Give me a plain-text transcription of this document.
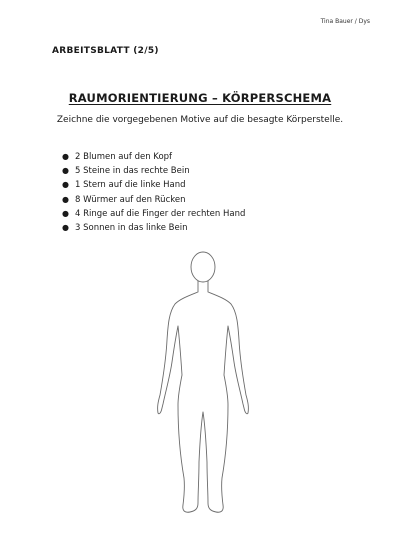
Tina Bauer / Dys
ARBEITSBLATT (2/5)
RAUMORIENTIERUNG – KÖRPERSCHEMA
Zeichne die vorgegebenen Motive auf die besagte Körperstelle.
● 2 Blumen auf den Kopf
● 5 Steine in das rechte Bein
● 1 Stern auf die linke Hand
● 8 Würmer auf den Rücken
● 4 Ringe auf die Finger der rechten Hand
● 3 Sonnen in das linke Bein
